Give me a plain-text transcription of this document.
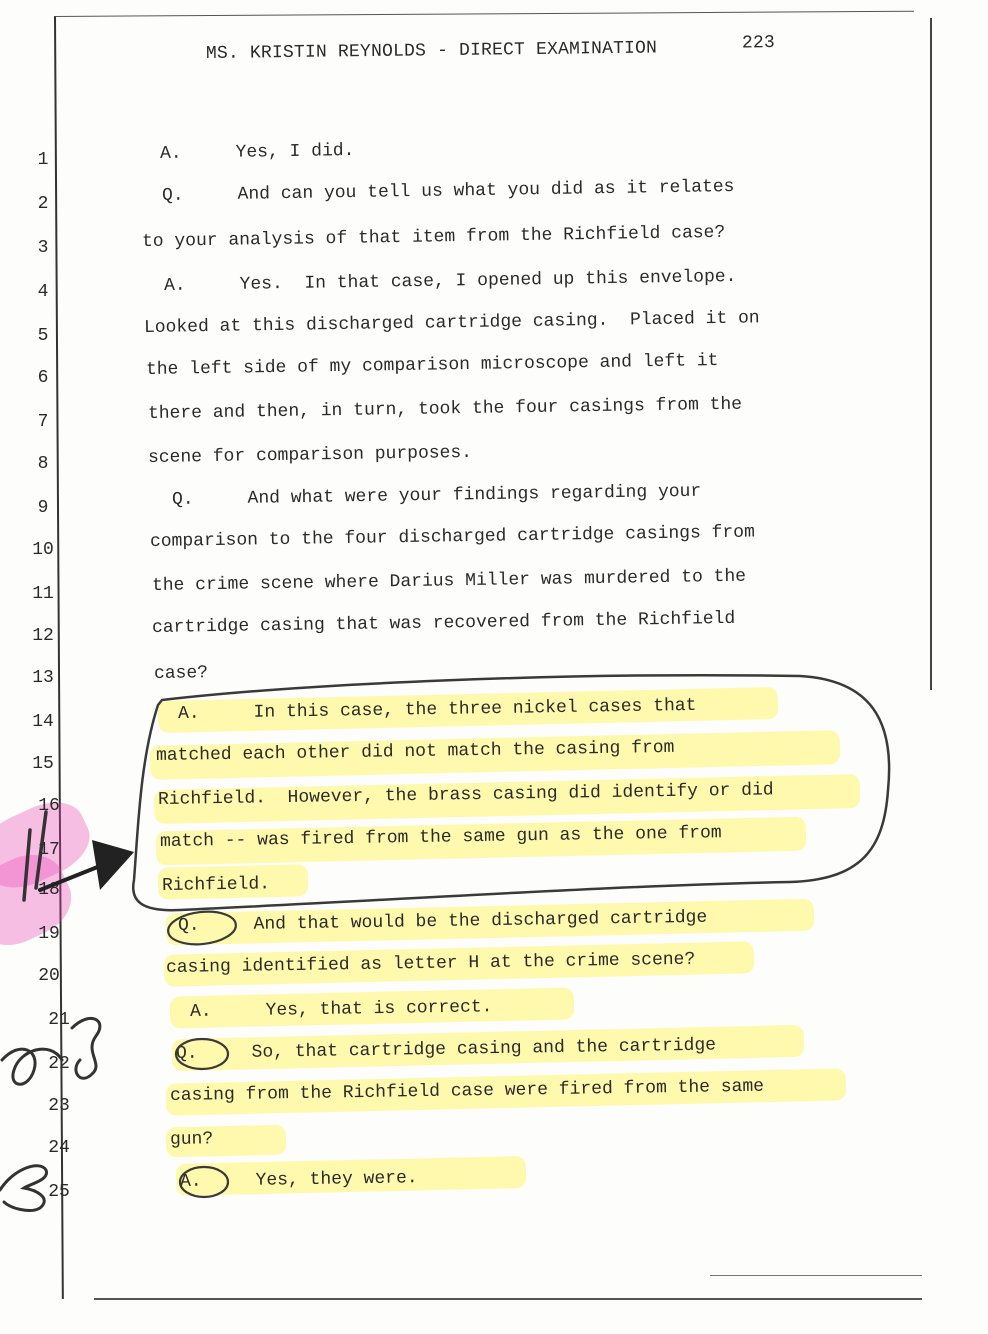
MS. KRISTIN REYNOLDS - DIRECT EXAMINATION	223
1
2
3
4
5
6
7
8
9
10
11
12
13
14
15
16
17
18
19
20
21
22
23
24
25
A.     Yes, I did.
Q.     And can you tell us what you did as it relates
to your analysis of that item from the Richfield case?
A.     Yes.  In that case, I opened up this envelope.
Looked at this discharged cartridge casing.  Placed it on
the left side of my comparison microscope and left it
there and then, in turn, took the four casings from the
scene for comparison purposes.
Q.     And what were your findings regarding your
comparison to the four discharged cartridge casings from
the crime scene where Darius Miller was murdered to the
cartridge casing that was recovered from the Richfield
case?
A.     In this case, the three nickel cases that
matched each other did not match the casing from
Richfield.  However, the brass casing did identify or did
match -- was fired from the same gun as the one from
Richfield.
Q.     And that would be the discharged cartridge
casing identified as letter H at the crime scene?
A.     Yes, that is correct.
Q.     So, that cartridge casing and the cartridge
casing from the Richfield case were fired from the same
gun?
A.     Yes, they were.
